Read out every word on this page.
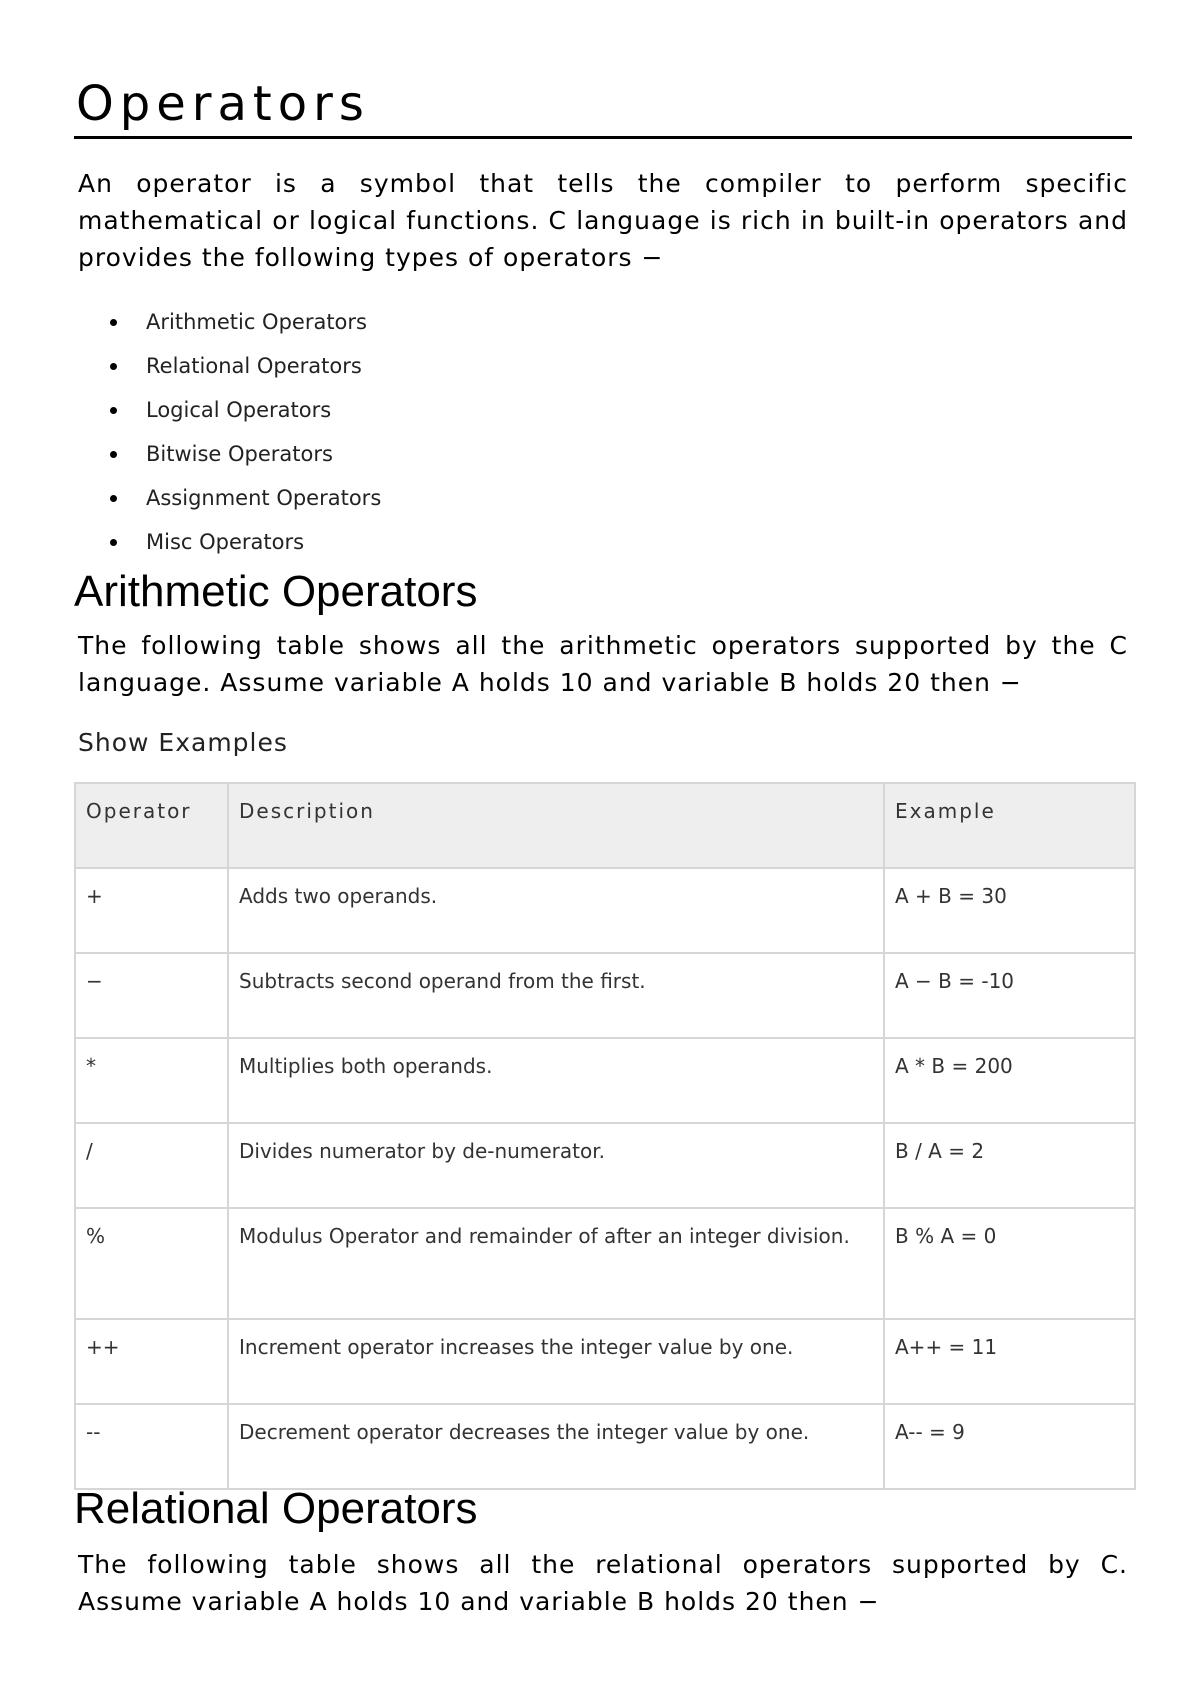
Operators
An operator is a symbol that tells the compiler to perform specific mathematical or logical functions. C language is rich in built-in operators and provides the following types of operators −
Arithmetic Operators
Relational Operators
Logical Operators
Bitwise Operators
Assignment Operators
Misc Operators
Arithmetic Operators
The following table shows all the arithmetic operators supported by the C language. Assume variable A holds 10 and variable B holds 20 then −
Show Examples
Operator	Description	Example
+	Adds two operands.	A + B = 30
−	Subtracts second operand from the first.	A − B = -10
*	Multiplies both operands.	A * B = 200
/	Divides numerator by de-numerator.	B / A = 2
%	Modulus Operator and remainder of after an integer division.	B % A = 0
++	Increment operator increases the integer value by one.	A++ = 11
--	Decrement operator decreases the integer value by one.	A-- = 9
Relational Operators
The following table shows all the relational operators supported by C. Assume variable A holds 10 and variable B holds 20 then −
